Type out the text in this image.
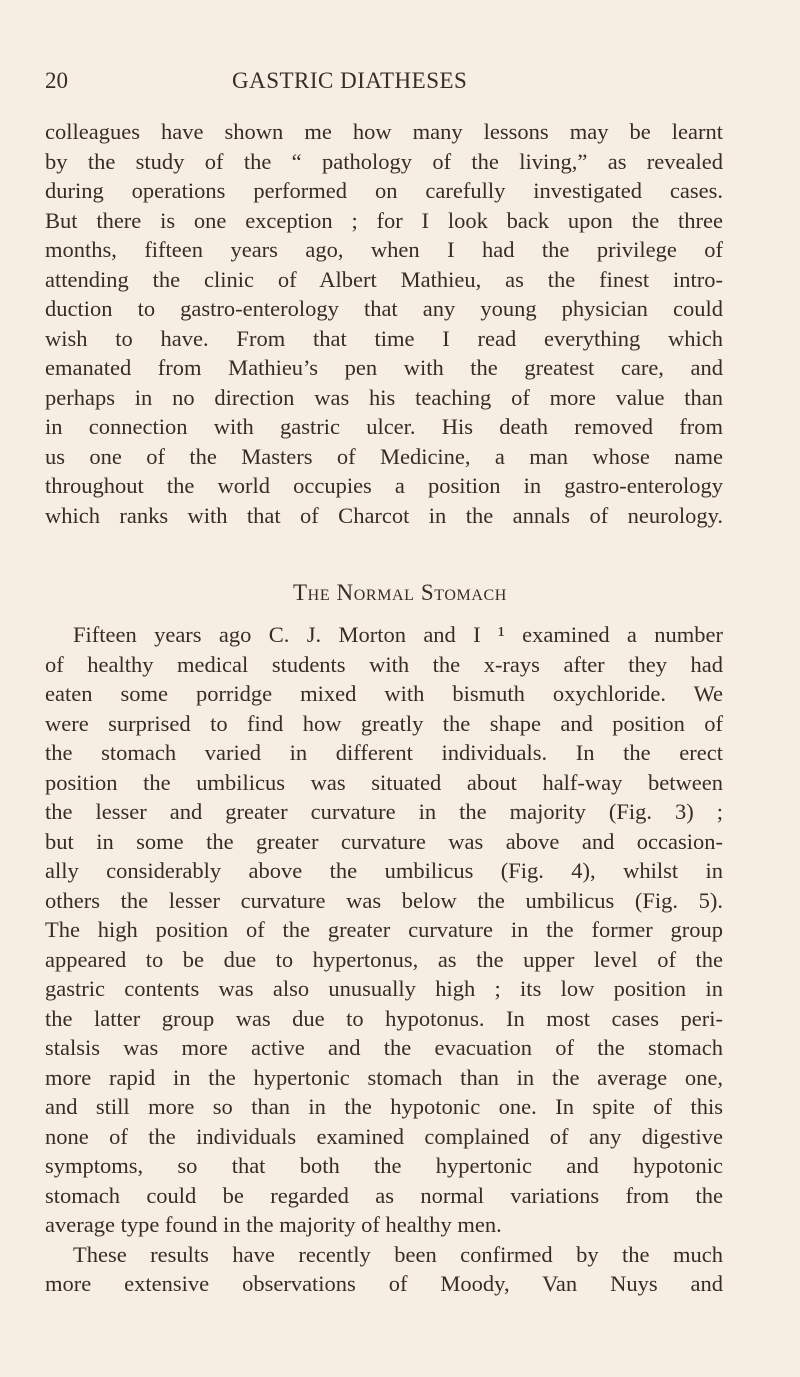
20	GASTRIC DIATHESES
colleagues have shown me how many lessons may be learnt
by the study of the “ pathology of the living,” as revealed
during operations performed on carefully investigated cases.
But there is one exception ; for I look back upon the three
months, fifteen years ago, when I had the privilege of
attending the clinic of Albert Mathieu, as the finest intro-
duction to gastro-enterology that any young physician could
wish to have. From that time I read everything which
emanated from Mathieu’s pen with the greatest care, and
perhaps in no direction was his teaching of more value than
in connection with gastric ulcer. His death removed from
us one of the Masters of Medicine, a man whose name
throughout the world occupies a position in gastro-enterology
which ranks with that of Charcot in the annals of neurology.
The Normal Stomach
Fifteen years ago C. J. Morton and I ¹ examined a number
of healthy medical students with the x-rays after they had
eaten some porridge mixed with bismuth oxychloride. We
were surprised to find how greatly the shape and position of
the stomach varied in different individuals. In the erect
position the umbilicus was situated about half-way between
the lesser and greater curvature in the majority (Fig. 3) ;
but in some the greater curvature was above and occasion-
ally considerably above the umbilicus (Fig. 4), whilst in
others the lesser curvature was below the umbilicus (Fig. 5).
The high position of the greater curvature in the former group
appeared to be due to hypertonus, as the upper level of the
gastric contents was also unusually high ; its low position in
the latter group was due to hypotonus. In most cases peri-
stalsis was more active and the evacuation of the stomach
more rapid in the hypertonic stomach than in the average one,
and still more so than in the hypotonic one. In spite of this
none of the individuals examined complained of any digestive
symptoms, so that both the hypertonic and hypotonic
stomach could be regarded as normal variations from the
average type found in the majority of healthy men.
These results have recently been confirmed by the much
more extensive observations of Moody, Van Nuys and
